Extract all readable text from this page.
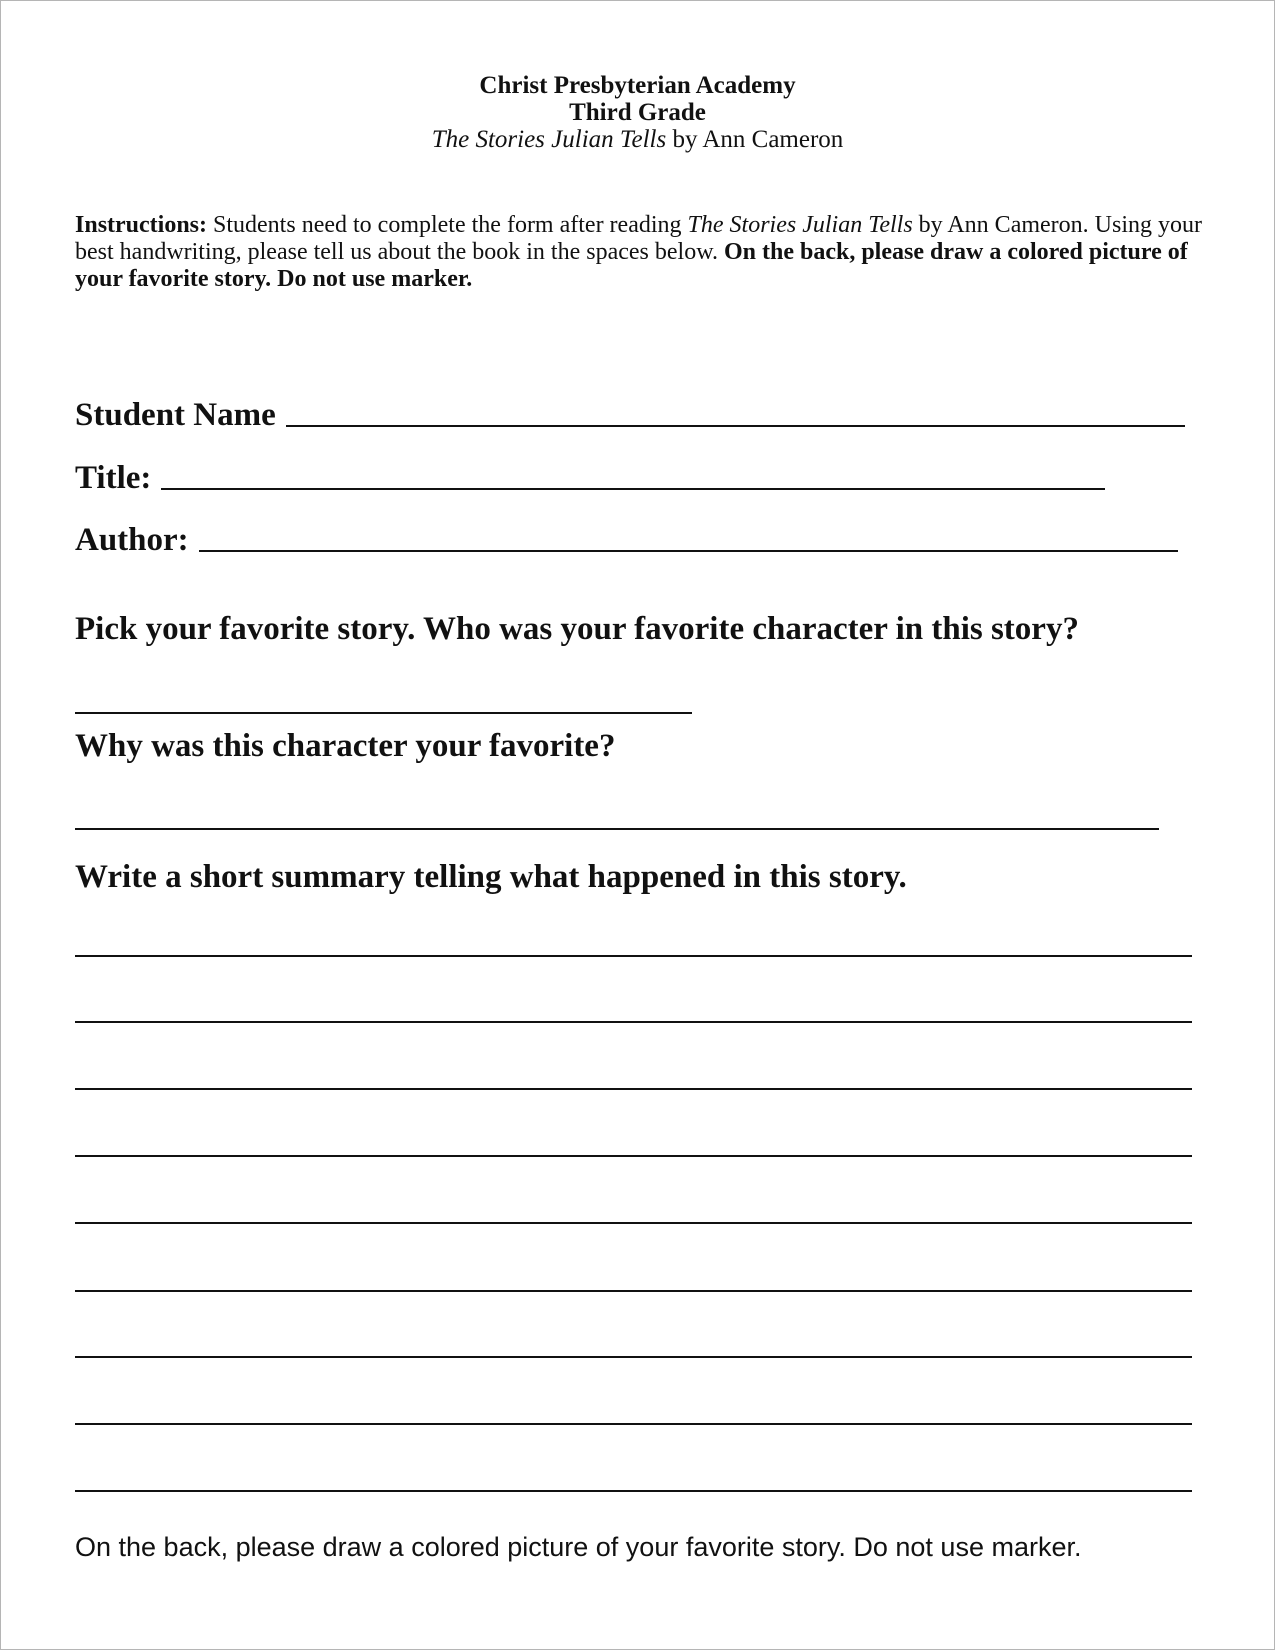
Christ Presbyterian Academy
Third Grade
The Stories Julian Tells by Ann Cameron
Instructions: Students need to complete the form after reading The Stories Julian Tells by Ann Cameron. Using your best handwriting, please tell us about the book in the spaces below. On the back, please draw a colored picture of your favorite story. Do not use marker.
Student Name
Title:
Author:
Pick your favorite story. Who was your favorite character in this story?
Why was this character your favorite?
Write a short summary telling what happened in this story.
On the back, please draw a colored picture of your favorite story. Do not use marker.
